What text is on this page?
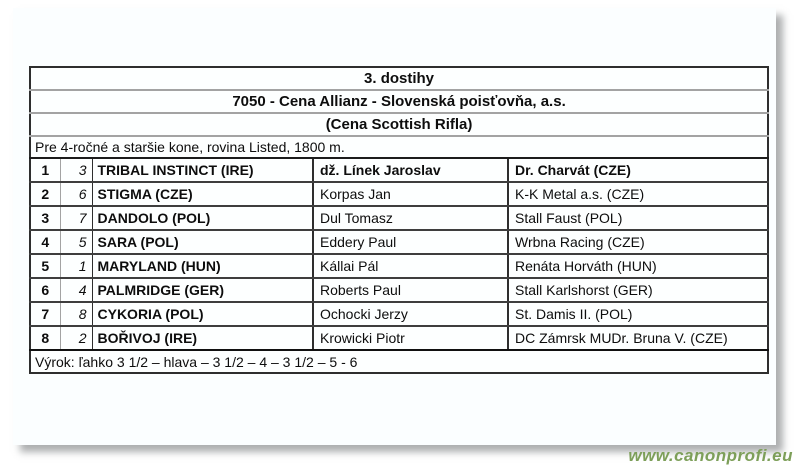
3. dostihy				
7050 - Cena Allianz - Slovenská poisťovňa, a.s.				
(Cena Scottish Rifla)				
Pre 4-ročné a staršie kone, rovina Listed, 1800 m.				
1	3	TRIBAL INSTINCT (IRE)	dž. Línek Jaroslav	Dr. Charvát (CZE)
2	6	STIGMA (CZE)	Korpas Jan	K-K Metal a.s. (CZE)
3	7	DANDOLO (POL)	Dul Tomasz	Stall Faust (POL)
4	5	SARA (POL)	Eddery Paul	Wrbna Racing (CZE)
5	1	MARYLAND (HUN)	Kállai Pál	Renáta Horváth (HUN)
6	4	PALMRIDGE (GER)	Roberts Paul	Stall Karlshorst (GER)
7	8	CYKORIA (POL)	Ochocki Jerzy	St. Damis II. (POL)
8	2	BOŘIVOJ (IRE)	Krowicki Piotr	DC Zámrsk MUDr. Bruna V. (CZE)
Výrok: ľahko 3 1/2 – hlava – 3 1/2 – 4 – 3 1/2 – 5 - 6				
www.canonprofi.eu
